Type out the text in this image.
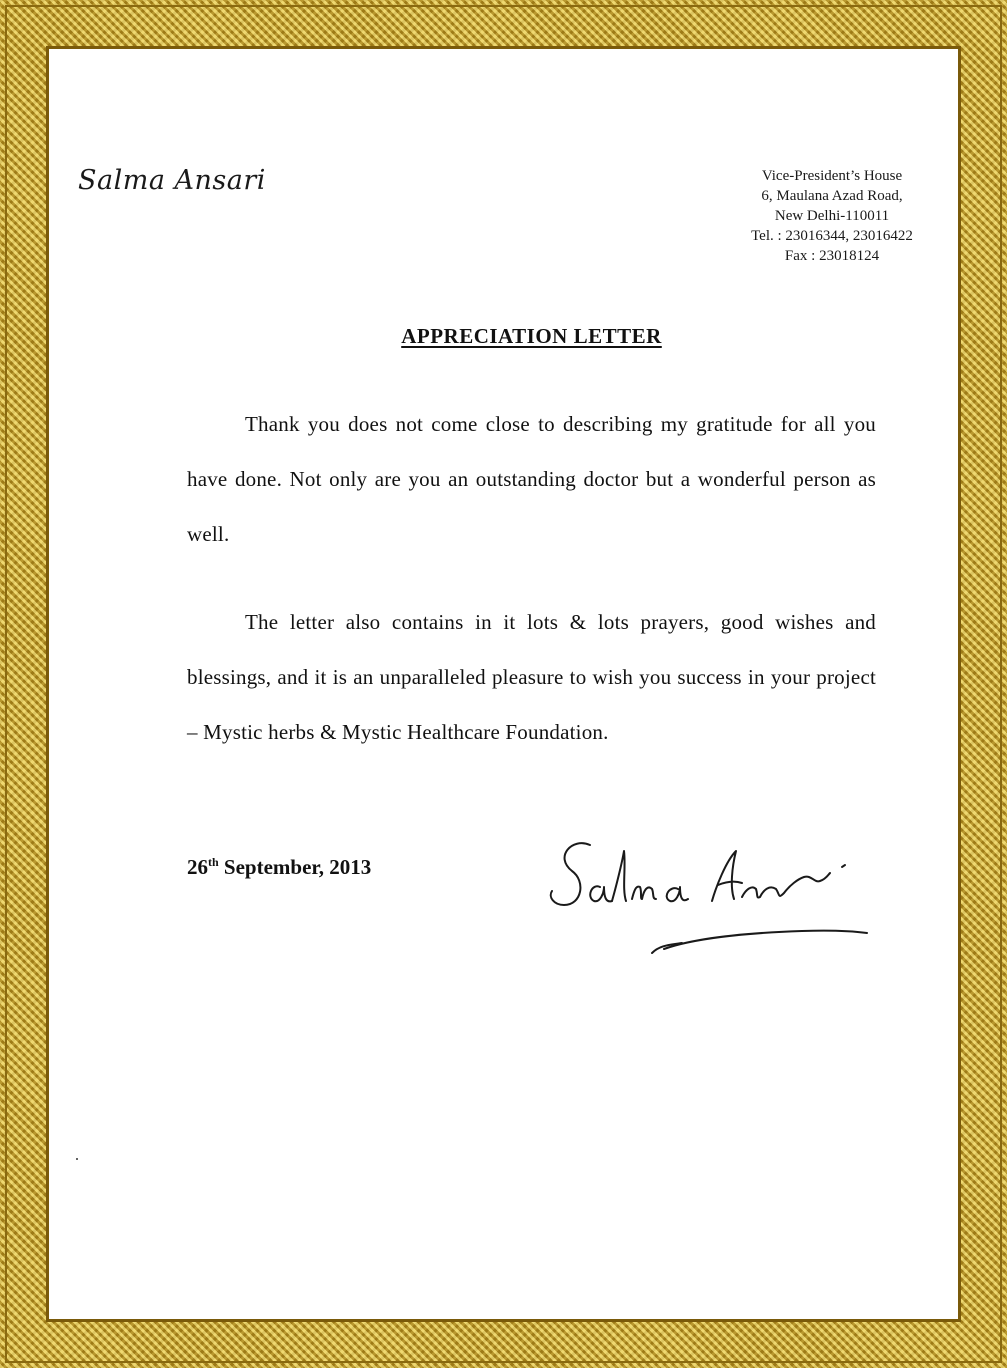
Salma Ansari	Vice-President’s House
6, Maulana Azad Road,
New Delhi-110011
Tel. : 23016344, 23016422
Fax : 23018124
APPRECIATION LETTER
Thank you does not come close to describing my gratitude for all you have done. Not only are you an outstanding doctor but a wonderful person as well.
The letter also contains in it lots & lots prayers, good wishes and blessings, and it is an unparalleled pleasure to wish you success in your project – Mystic herbs & Mystic Healthcare Foundation.
26th September, 2013
